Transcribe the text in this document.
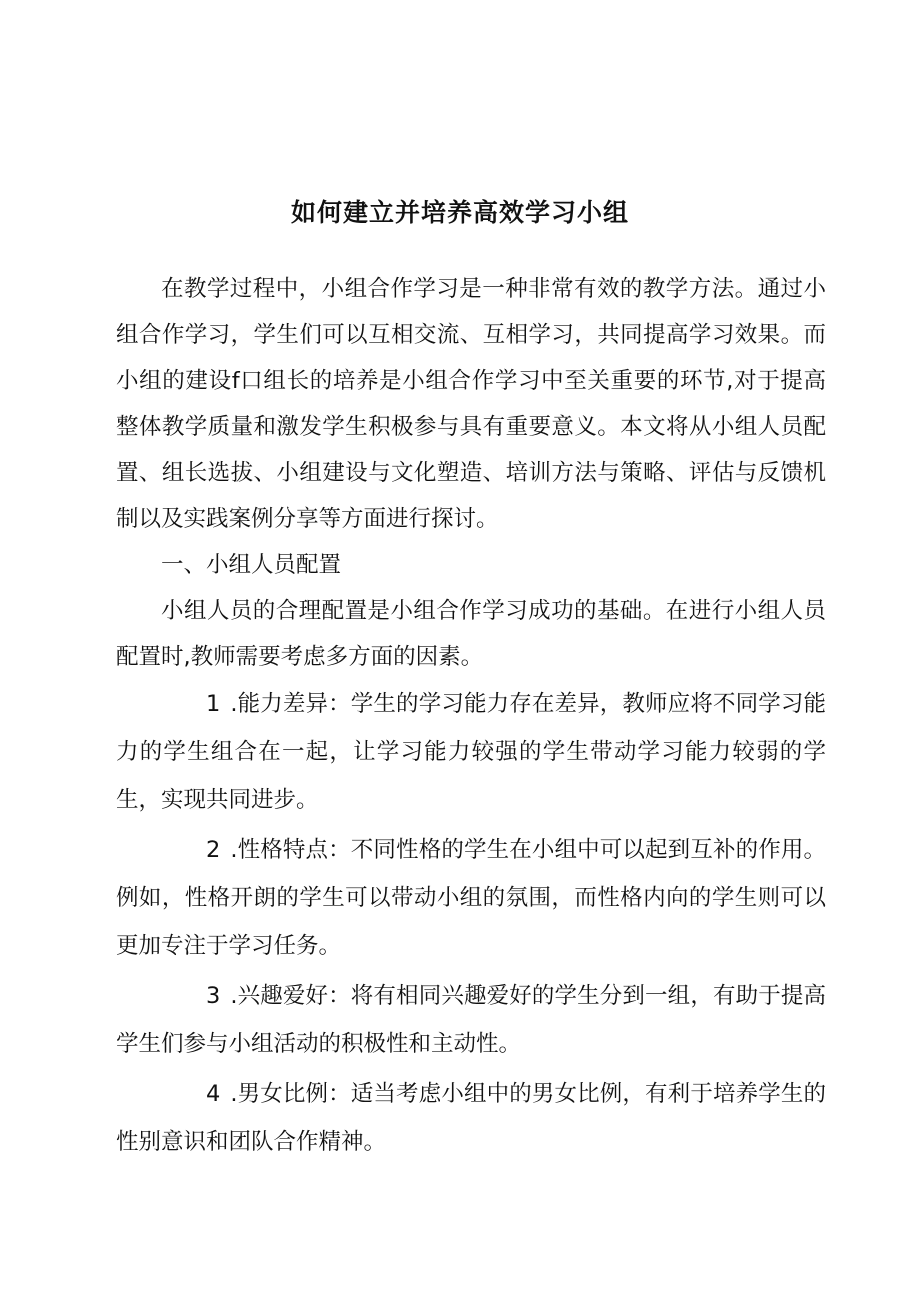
如何建立并培养高效学习小组

在教学过程中，小组合作学习是一种非常有效的教学方法。通过小组合作学习，学生们可以互相交流、互相学习，共同提高学习效果。而小组的建设f口组长的培养是小组合作学习中至关重要的环节,对于提高整体教学质量和激发学生积极参与具有重要意义。本文将从小组人员配置、组长选拔、小组建设与文化塑造、培训方法与策略、评估与反馈机制以及实践案例分享等方面进行探讨。

一、小组人员配置

小组人员的合理配置是小组合作学习成功的基础。在进行小组人员配置时,教师需要考虑多方面的因素。

1 .能力差异：学生的学习能力存在差异，教师应将不同学习能力的学生组合在一起，让学习能力较强的学生带动学习能力较弱的学生，实现共同进步。

2 .性格特点：不同性格的学生在小组中可以起到互补的作用。例如，性格开朗的学生可以带动小组的氛围，而性格内向的学生则可以更加专注于学习任务。

3 .兴趣爱好：将有相同兴趣爱好的学生分到一组，有助于提高学生们参与小组活动的积极性和主动性。

4 .男女比例：适当考虑小组中的男女比例，有利于培养学生的性别意识和团队合作精神。
